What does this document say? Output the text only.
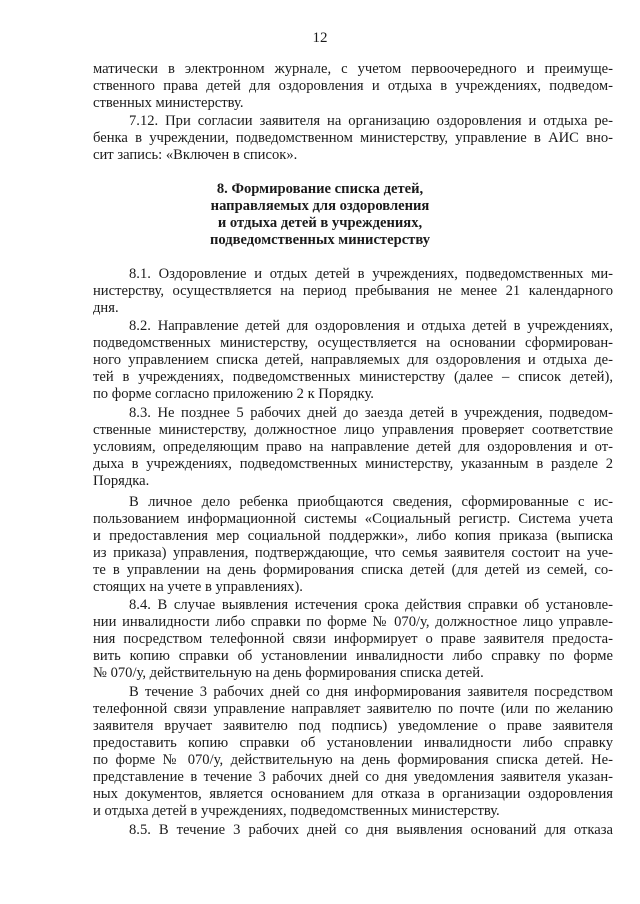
12
матически в электронном журнале, с учетом первоочередного и преимуще-
ственного права детей для оздоровления и отдыха в учреждениях, подведом-
ственных министерству.
7.12. При согласии заявителя на организацию оздоровления и отдыха ре-
бенка в учреждении, подведомственном министерству, управление в АИС вно-
сит запись: «Включен в список».
8. Формирование списка детей,
направляемых для оздоровления
и отдыха детей в учреждениях,
подведомственных министерству
8.1. Оздоровление и отдых детей в учреждениях, подведомственных ми-
нистерству, осуществляется на период пребывания не менее 21 календарного
дня.
8.2. Направление детей для оздоровления и отдыха детей в учреждениях,
подведомственных министерству, осуществляется на основании сформирован-
ного управлением списка детей, направляемых для оздоровления и отдыха де-
тей в учреждениях, подведомственных министерству (далее – список детей),
по форме согласно приложению 2 к Порядку.
8.3. Не позднее 5 рабочих дней до заезда детей в учреждения, подведом-
ственные министерству, должностное лицо управления проверяет соответствие
условиям, определяющим право на направление детей для оздоровления и от-
дыха в учреждениях, подведомственных министерству, указанным в разделе 2
Порядка.
В личное дело ребенка приобщаются сведения, сформированные с ис-
пользованием информационной системы «Социальный регистр. Система учета
и предоставления мер социальной поддержки», либо копия приказа (выписка
из приказа) управления, подтверждающие, что семья заявителя состоит на уче-
те в управлении на день формирования списка детей (для детей из семей, со-
стоящих на учете в управлениях).
8.4. В случае выявления истечения срока действия справки об установле-
нии инвалидности либо справки по форме № 070/у, должностное лицо управле-
ния посредством телефонной связи информирует о праве заявителя предоста-
вить копию справки об установлении инвалидности либо справку по форме
№ 070/у, действительную на день формирования списка детей.
В течение 3 рабочих дней со дня информирования заявителя посредством
телефонной связи управление направляет заявителю по почте (или по желанию
заявителя вручает заявителю под подпись) уведомление о праве заявителя
предоставить копию справки об установлении инвалидности либо справку
по форме № 070/у, действительную на день формирования списка детей. Не-
представление в течение 3 рабочих дней со дня уведомления заявителя указан-
ных документов, является основанием для отказа в организации оздоровления
и отдыха детей в учреждениях, подведомственных министерству.
8.5. В течение 3 рабочих дней со дня выявления оснований для отказа
